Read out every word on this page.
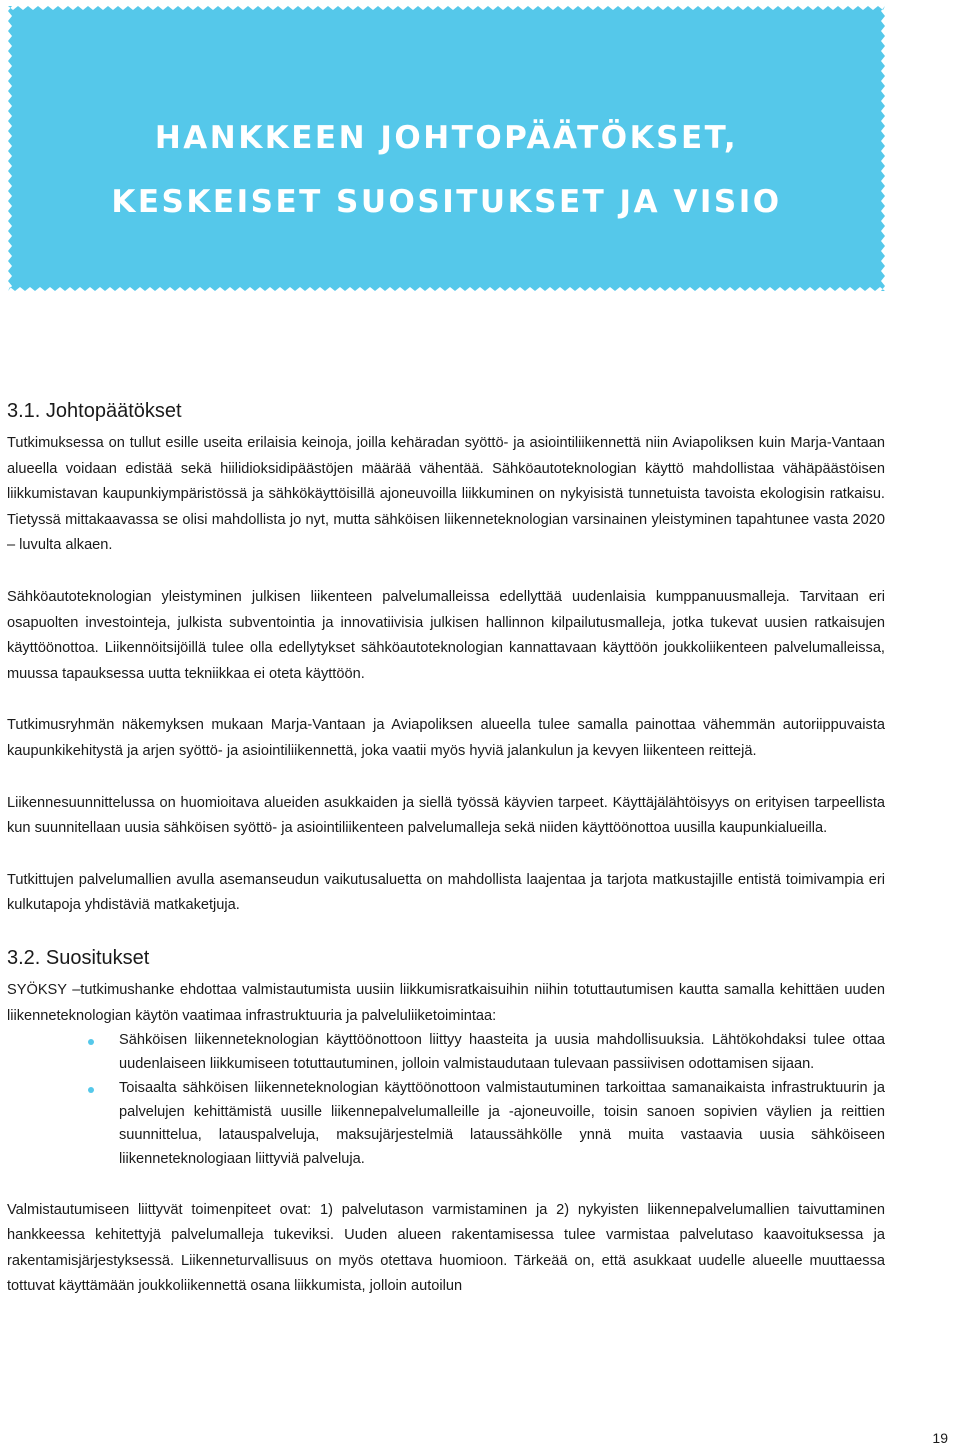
HANKKEEN JOHTOPÄÄTÖKSET,
KESKEISET SUOSITUKSET JA VISIO
3.1. Johtopäätökset

Tutkimuksessa on tullut esille useita erilaisia keinoja, joilla kehäradan syöttö- ja asiointiliikennettä niin Aviapoliksen kuin Marja-Vantaan alueella voidaan edistää sekä hiilidioksidipäästöjen määrää vähentää. Sähköautoteknologian käyttö mahdollistaa vähäpäästöisen liikkumistavan kaupunkiympäristössä ja sähkökäyttöisillä ajoneuvoilla liikkuminen on nykyisistä tunnetuista tavoista ekologisin ratkaisu. Tietyssä mittakaavassa se olisi mahdollista jo nyt, mutta sähköisen liikenneteknologian varsinainen yleistyminen tapahtunee vasta 2020 – luvulta alkaen.

Sähköautoteknologian yleistyminen julkisen liikenteen palvelumalleissa edellyttää uudenlaisia kumppanuusmalleja. Tarvitaan eri osapuolten investointeja, julkista subventointia ja innovatiivisia julkisen hallinnon kilpailutusmalleja, jotka tukevat uusien ratkaisujen käyttöönottoa. Liikennöitsijöillä tulee olla edellytykset sähköautoteknologian kannattavaan käyttöön joukkoliikenteen palvelumalleissa, muussa tapauksessa uutta tekniikkaa ei oteta käyttöön.

Tutkimusryhmän näkemyksen mukaan Marja-Vantaan ja Aviapoliksen alueella tulee samalla painottaa vähemmän autoriippuvaista kaupunkikehitystä ja arjen syöttö- ja asiointiliikennettä, joka vaatii myös hyviä jalankulun ja kevyen liikenteen reittejä.

Liikennesuunnittelussa on huomioitava alueiden asukkaiden ja siellä työssä käyvien tarpeet. Käyttäjälähtöisyys on erityisen tarpeellista kun suunnitellaan uusia sähköisen syöttö- ja asiointiliikenteen palvelumalleja sekä niiden käyttöönottoa uusilla kaupunkialueilla.

Tutkittujen palvelumallien avulla asemanseudun vaikutusaluetta on mahdollista laajentaa ja tarjota matkustajille entistä toimivampia eri kulkutapoja yhdistäviä matkaketjuja.

3.2. Suositukset

SYÖKSY –tutkimushanke ehdottaa valmistautumista uusiin liikkumisratkaisuihin niihin totuttautumisen kautta samalla kehittäen uuden liikenneteknologian käytön vaatimaa infrastruktuuria ja palveluliiketoimintaa:

Sähköisen liikenneteknologian käyttöönottoon liittyy haasteita ja uusia mahdollisuuksia. Lähtökohdaksi tulee ottaa uudenlaiseen liikkumiseen totuttautuminen, jolloin valmistaudutaan tulevaan passiivisen odottamisen sijaan.
Toisaalta sähköisen liikenneteknologian käyttöönottoon valmistautuminen tarkoittaa samanaikaista infrastruktuurin ja palvelujen kehittämistä uusille liikennepalvelumalleille ja -ajoneuvoille, toisin sanoen sopivien väylien ja reittien suunnittelua, latauspalveluja, maksujärjestelmiä lataussähkölle ynnä muita vastaavia uusia sähköiseen liikenneteknologiaan liittyviä palveluja.

Valmistautumiseen liittyvät toimenpiteet ovat: 1) palvelutason varmistaminen ja 2) nykyisten liikennepalvelumallien taivuttaminen hankkeessa kehitettyjä palvelumalleja tukeviksi. Uuden alueen rakentamisessa tulee varmistaa palvelutaso kaavoituksessa ja rakentamisjärjestyksessä. Liikenneturvallisuus on myös otettava huomioon. Tärkeää on, että asukkaat uudelle alueelle muuttaessa tottuvat käyttämään joukkoliikennettä osana liikkumista, jolloin autoilun

19
